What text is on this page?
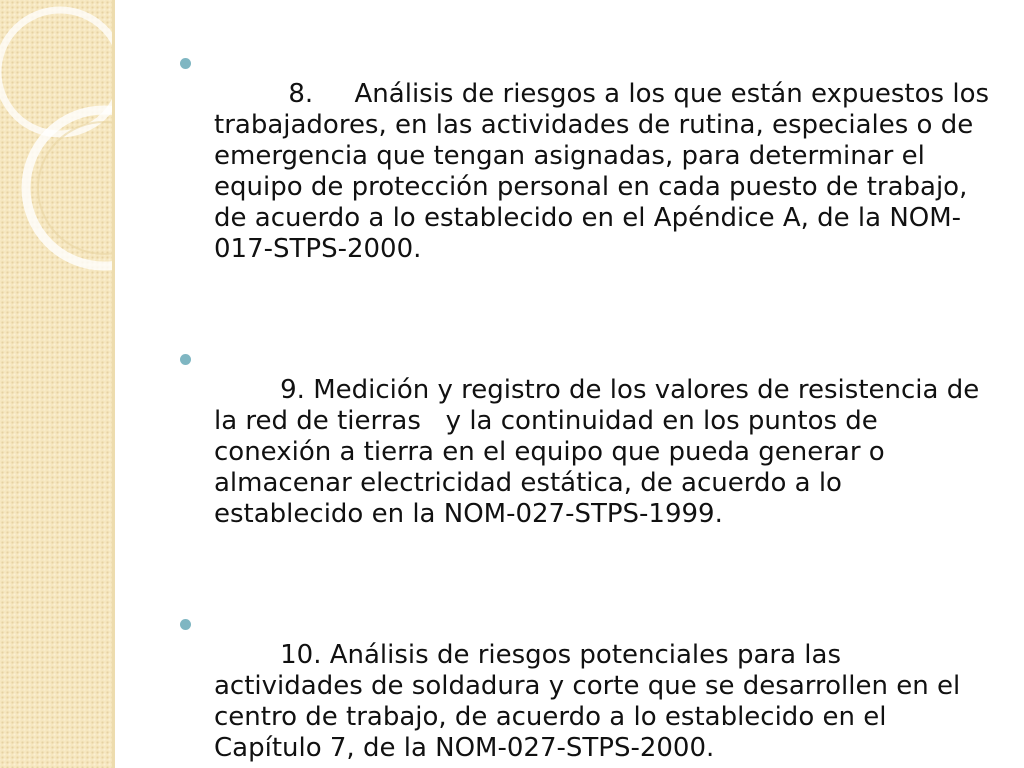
8.     Análisis de riesgos a los que están expuestos los trabajadores, en las actividades de rutina, especiales o de emergencia que tengan asignadas, para determinar el equipo de protección personal en cada puesto de trabajo, de acuerdo a lo establecido en el Apéndice A, de la NOM-017-STPS-2000.

9. Medición y registro de los valores de resistencia de la red de tierras   y la continuidad en los puntos de conexión a tierra en el equipo que pueda generar o almacenar electricidad estática, de acuerdo a lo establecido en la NOM-027-STPS-1999.

10. Análisis de riesgos potenciales para las actividades de soldadura y corte que se desarrollen en el centro de trabajo, de acuerdo a lo establecido en el Capítulo 7, de la NOM-027-STPS-2000.
